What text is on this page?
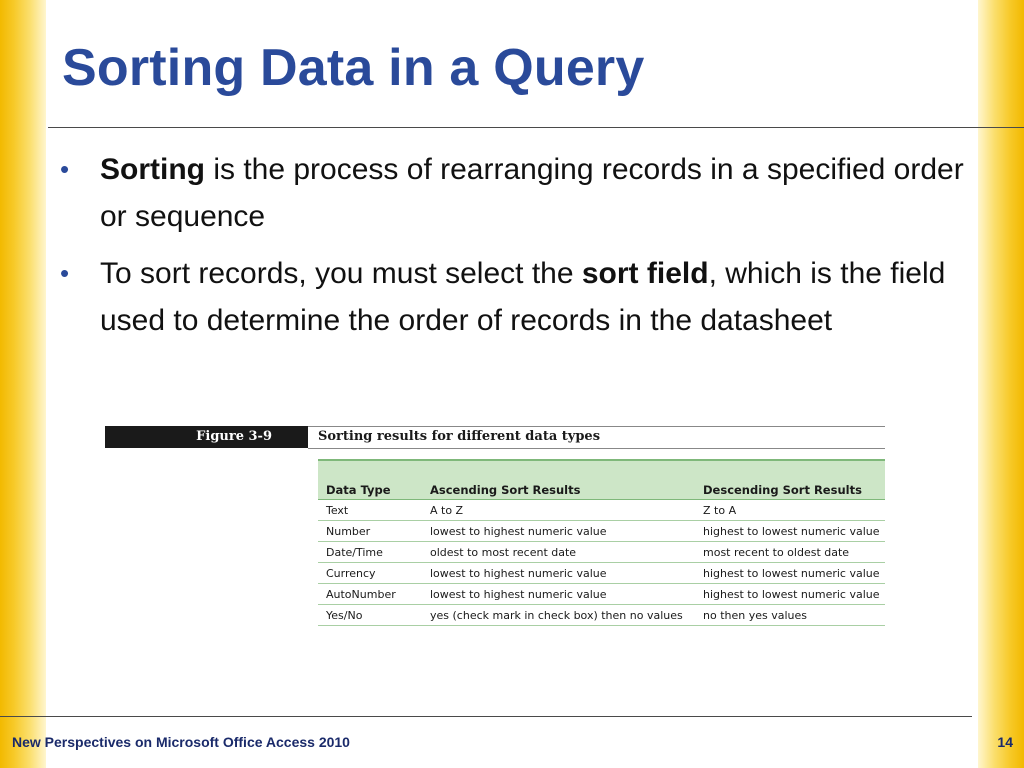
Sorting Data in a Query
• Sorting is the process of rearranging records in a specified order or sequence
• To sort records, you must select the sort field, which is the field used to determine the order of records in the datasheet
Figure 3-9	Sorting results for different data types
Data Type	Ascending Sort Results	Descending Sort Results
Text	A to Z	Z to A
Number	lowest to highest numeric value	highest to lowest numeric value
Date/Time	oldest to most recent date	most recent to oldest date
Currency	lowest to highest numeric value	highest to lowest numeric value
AutoNumber	lowest to highest numeric value	highest to lowest numeric value
Yes/No	yes (check mark in check box) then no values	no then yes values
New Perspectives on Microsoft Office Access 2010	14
